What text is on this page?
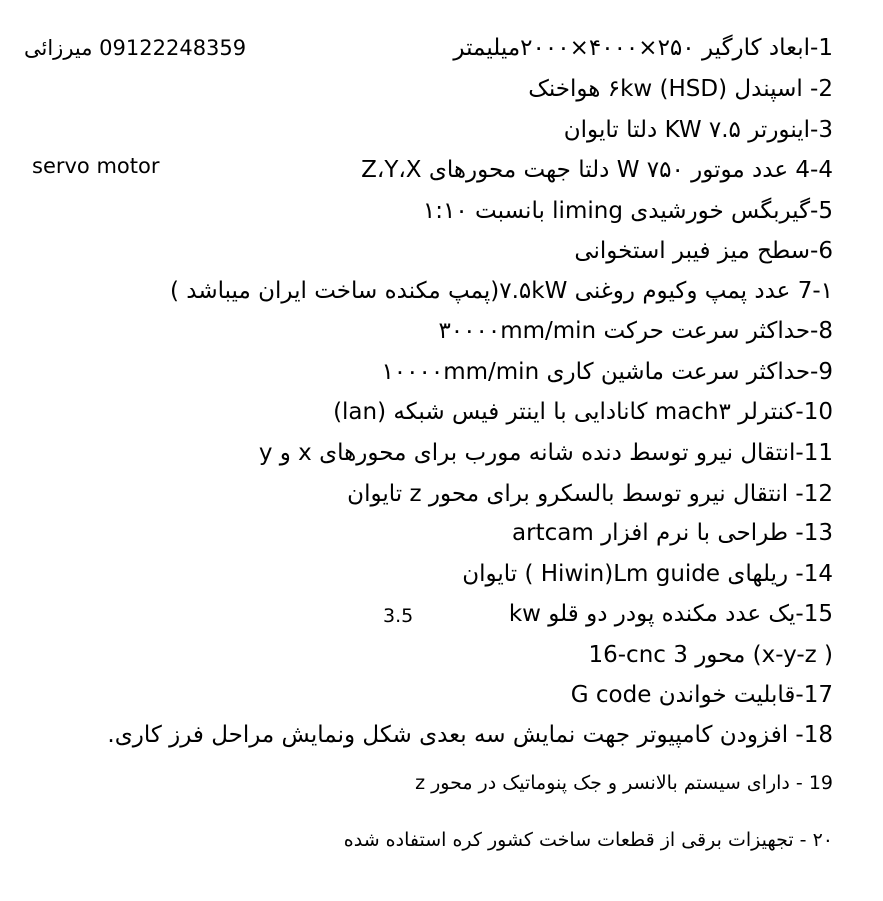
09122248359 میرزائی
servo motor
3.5
1-ابعاد کارگیر ۲۵۰×۴۰۰۰×۲۰۰۰میلیمتر
2- اسپندل (HSD) ۶kw هواخنک
3-اینورتر KW ۷.۵ دلتا تایوان
4-4 عدد موتور W ۷۵۰ دلتا جهت محورهای Z،Y،X
5-گیربگس خورشیدی liming بانسبت ۱:۱۰
6-سطح میز فیبر استخوانی
7-۱ عدد پمپ وکیوم روغنی ۷.۵kW(پمپ مکنده ساخت ایران میباشد )
8-حداکثر سرعت حرکت ۳۰۰۰۰mm/min
9-حداکثر سرعت ماشین کاری ۱۰۰۰۰mm/min
10-کنترلر mach۳ کانادایی با اینتر فیس شبکه (lan)
11-انتقال نیرو توسط دنده شانه مورب برای محورهای x و y
12- انتقال نیرو توسط بالسکرو برای محور z تایوان
13- طراحی با نرم افزار artcam
14- ریلهای Hiwin)Lm guide ) تایوان
15-یک عدد مکنده پودر دو قلو kw
16-cnc 3 محور (x-y-z )
17-قابلیت خواندن G code
18- افزودن کامپیوتر جهت نمایش سه بعدی شکل ونمایش مراحل فرز کاری.
19 - دارای سیستم بالانسر و جک پنوماتیک در محور z
۲۰ - تجهیزات برقی از قطعات ساخت کشور کره استفاده شده
